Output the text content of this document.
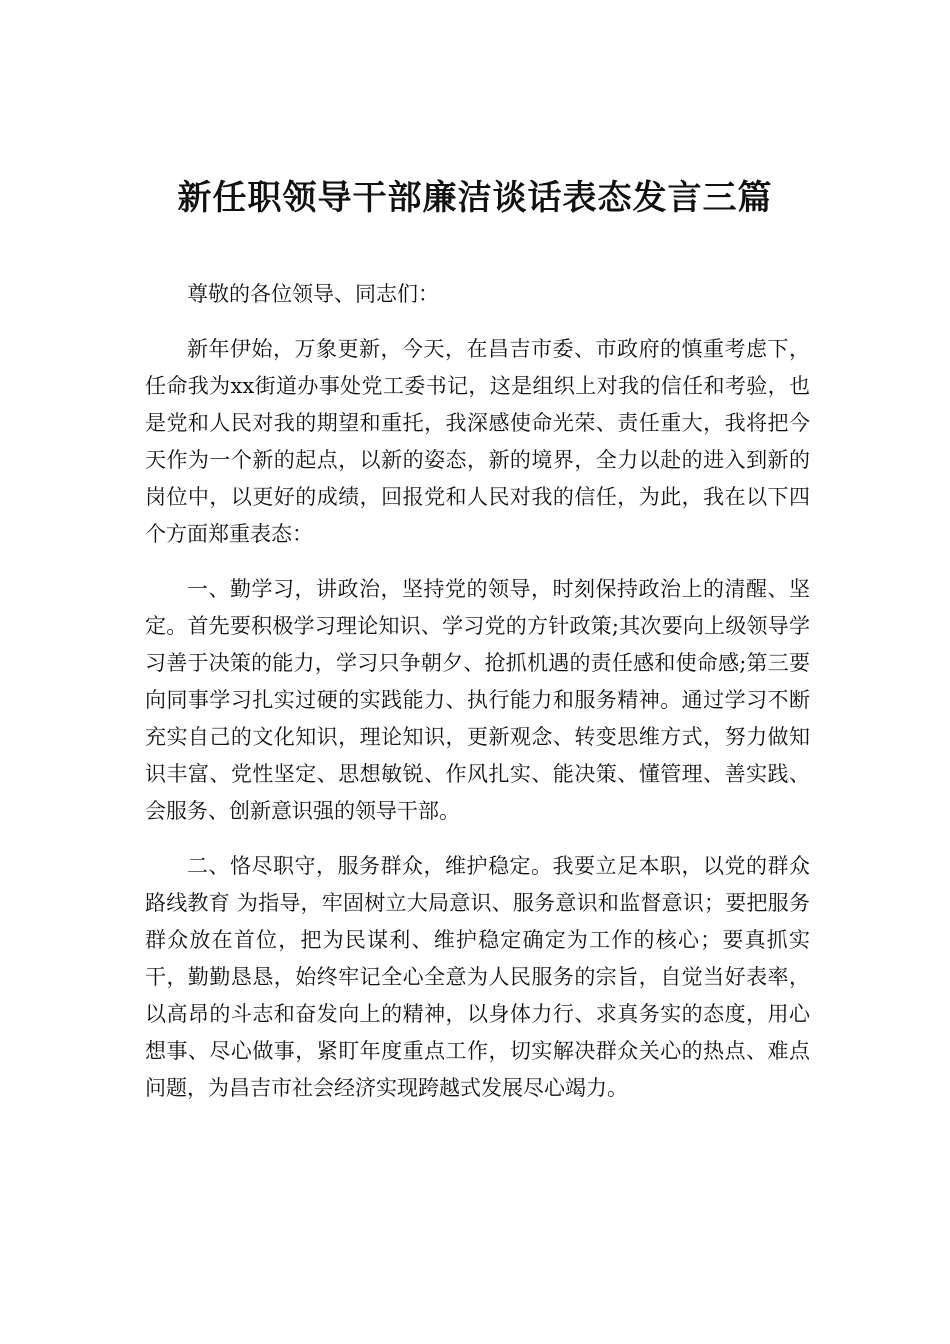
新任职领导干部廉洁谈话表态发言三篇

尊敬的各位领导、同志们：

新年伊始，万象更新，今天，在昌吉市委、市政府的慎重考虑下，任命我为xx街道办事处党工委书记，这是组织上对我的信任和考验，也是党和人民对我的期望和重托，我深感使命光荣、责任重大，我将把今天作为一个新的起点，以新的姿态，新的境界，全力以赴的进入到新的岗位中，以更好的成绩，回报党和人民对我的信任，为此，我在以下四个方面郑重表态：

一、勤学习，讲政治，坚持党的领导，时刻保持政治上的清醒、坚定。首先要积极学习理论知识、学习党的方针政策;其次要向上级领导学习善于决策的能力，学习只争朝夕、抢抓机遇的责任感和使命感;第三要向同事学习扎实过硬的实践能力、执行能力和服务精神。通过学习不断充实自己的文化知识，理论知识，更新观念、转变思维方式，努力做知识丰富、党性坚定、思想敏锐、作风扎实、能决策、懂管理、善实践、会服务、创新意识强的领导干部。

二、恪尽职守，服务群众，维护稳定。我要立足本职，以党的群众路线教育 为指导，牢固树立大局意识、服务意识和监督意识；要把服务群众放在首位，把为民谋利、维护稳定确定为工作的核心；要真抓实干，勤勤恳恳，始终牢记全心全意为人民服务的宗旨，自觉当好表率，以高昂的斗志和奋发向上的精神，以身体力行、求真务实的态度，用心想事、尽心做事，紧盯年度重点工作，切实解决群众关心的热点、难点问题，为昌吉市社会经济实现跨越式发展尽心竭力。
